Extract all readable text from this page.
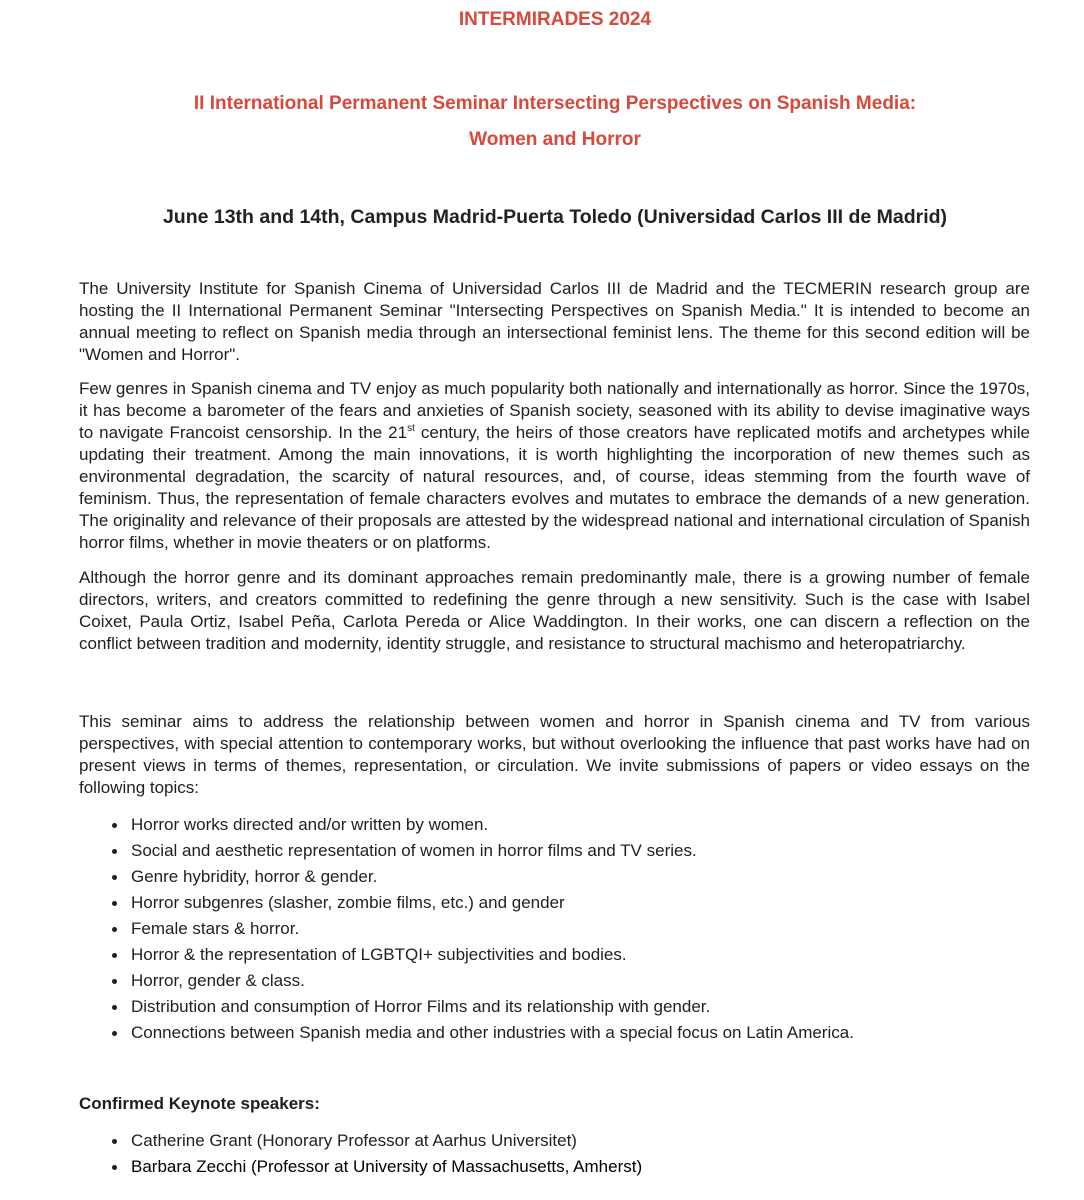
INTERMIRADES 2024
II International Permanent Seminar Intersecting Perspectives on Spanish Media:
Women and Horror
June 13th and 14th, Campus Madrid-Puerta Toledo (Universidad Carlos III de Madrid)

The University Institute for Spanish Cinema of Universidad Carlos III de Madrid and the TECMERIN research group are hosting the II International Permanent Seminar "Intersecting Perspectives on Spanish Media." It is intended to become an annual meeting to reflect on Spanish media through an intersectional feminist lens. The theme for this second edition will be "Women and Horror".

Few genres in Spanish cinema and TV enjoy as much popularity both nationally and internationally as horror. Since the 1970s, it has become a barometer of the fears and anxieties of Spanish society, seasoned with its ability to devise imaginative ways to navigate Francoist censorship. In the 21st century, the heirs of those creators have replicated motifs and archetypes while updating their treatment. Among the main innovations, it is worth highlighting the incorporation of new themes such as environmental degradation, the scarcity of natural resources, and, of course, ideas stemming from the fourth wave of feminism. Thus, the representation of female characters evolves and mutates to embrace the demands of a new generation. The originality and relevance of their proposals are attested by the widespread national and international circulation of Spanish horror films, whether in movie theaters or on platforms.

Although the horror genre and its dominant approaches remain predominantly male, there is a growing number of female directors, writers, and creators committed to redefining the genre through a new sensitivity. Such is the case with Isabel Coixet, Paula Ortiz, Isabel Peña, Carlota Pereda or Alice Waddington. In their works, one can discern a reflection on the conflict between tradition and modernity, identity struggle, and resistance to structural machismo and heteropatriarchy.

This seminar aims to address the relationship between women and horror in Spanish cinema and TV from various perspectives, with special attention to contemporary works, but without overlooking the influence that past works have had on present views in terms of themes, representation, or circulation. We invite submissions of papers or video essays on the following topics:

Horror works directed and/or written by women.
Social and aesthetic representation of women in horror films and TV series.
Genre hybridity, horror & gender.
Horror subgenres (slasher, zombie films, etc.) and gender
Female stars & horror.
Horror & the representation of LGBTQI+ subjectivities and bodies.
Horror, gender & class.
Distribution and consumption of Horror Films and its relationship with gender.
Connections between Spanish media and other industries with a special focus on Latin America.

Confirmed Keynote speakers:

Catherine Grant (Honorary Professor at Aarhus Universitet)
Barbara Zecchi (Professor at University of Massachusetts, Amherst)
